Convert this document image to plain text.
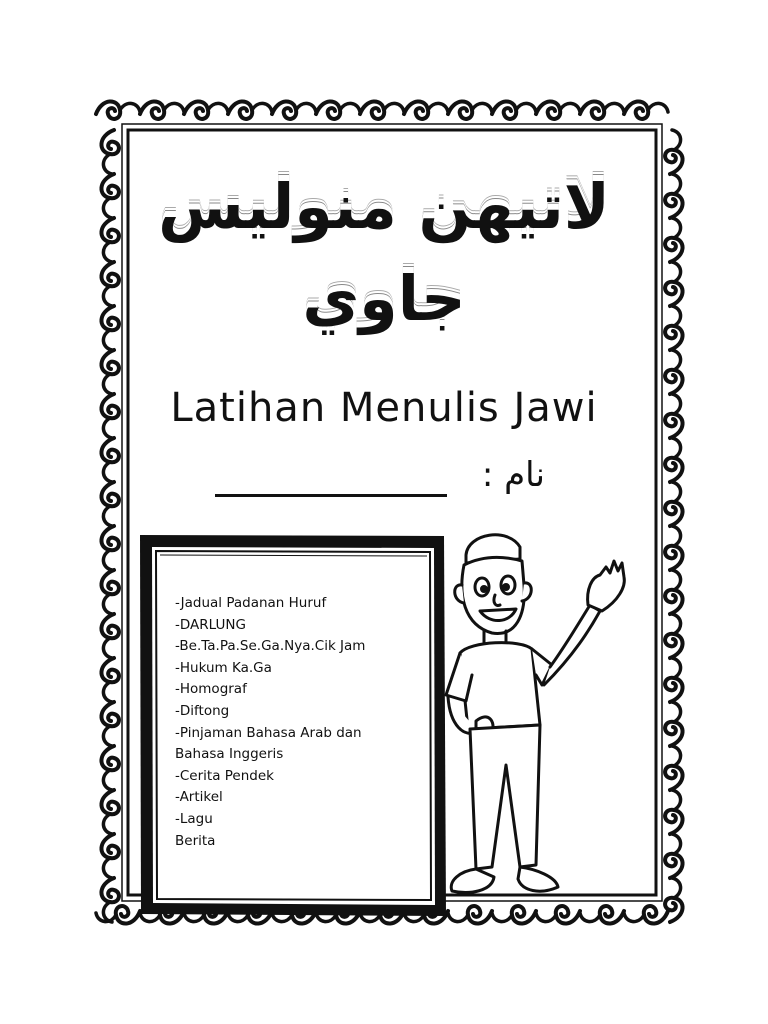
لاتيهن منوليس
جاوي
Latihan Menulis Jawi
نام :
-Jadual Padanan Huruf
-DARLUNG
-Be.Ta.Pa.Se.Ga.Nya.Cik Jam
-Hukum Ka.Ga
-Homograf
-Diftong
-Pinjaman Bahasa Arab dan
Bahasa Inggeris
-Cerita Pendek
-Artikel
-Lagu
Berita
